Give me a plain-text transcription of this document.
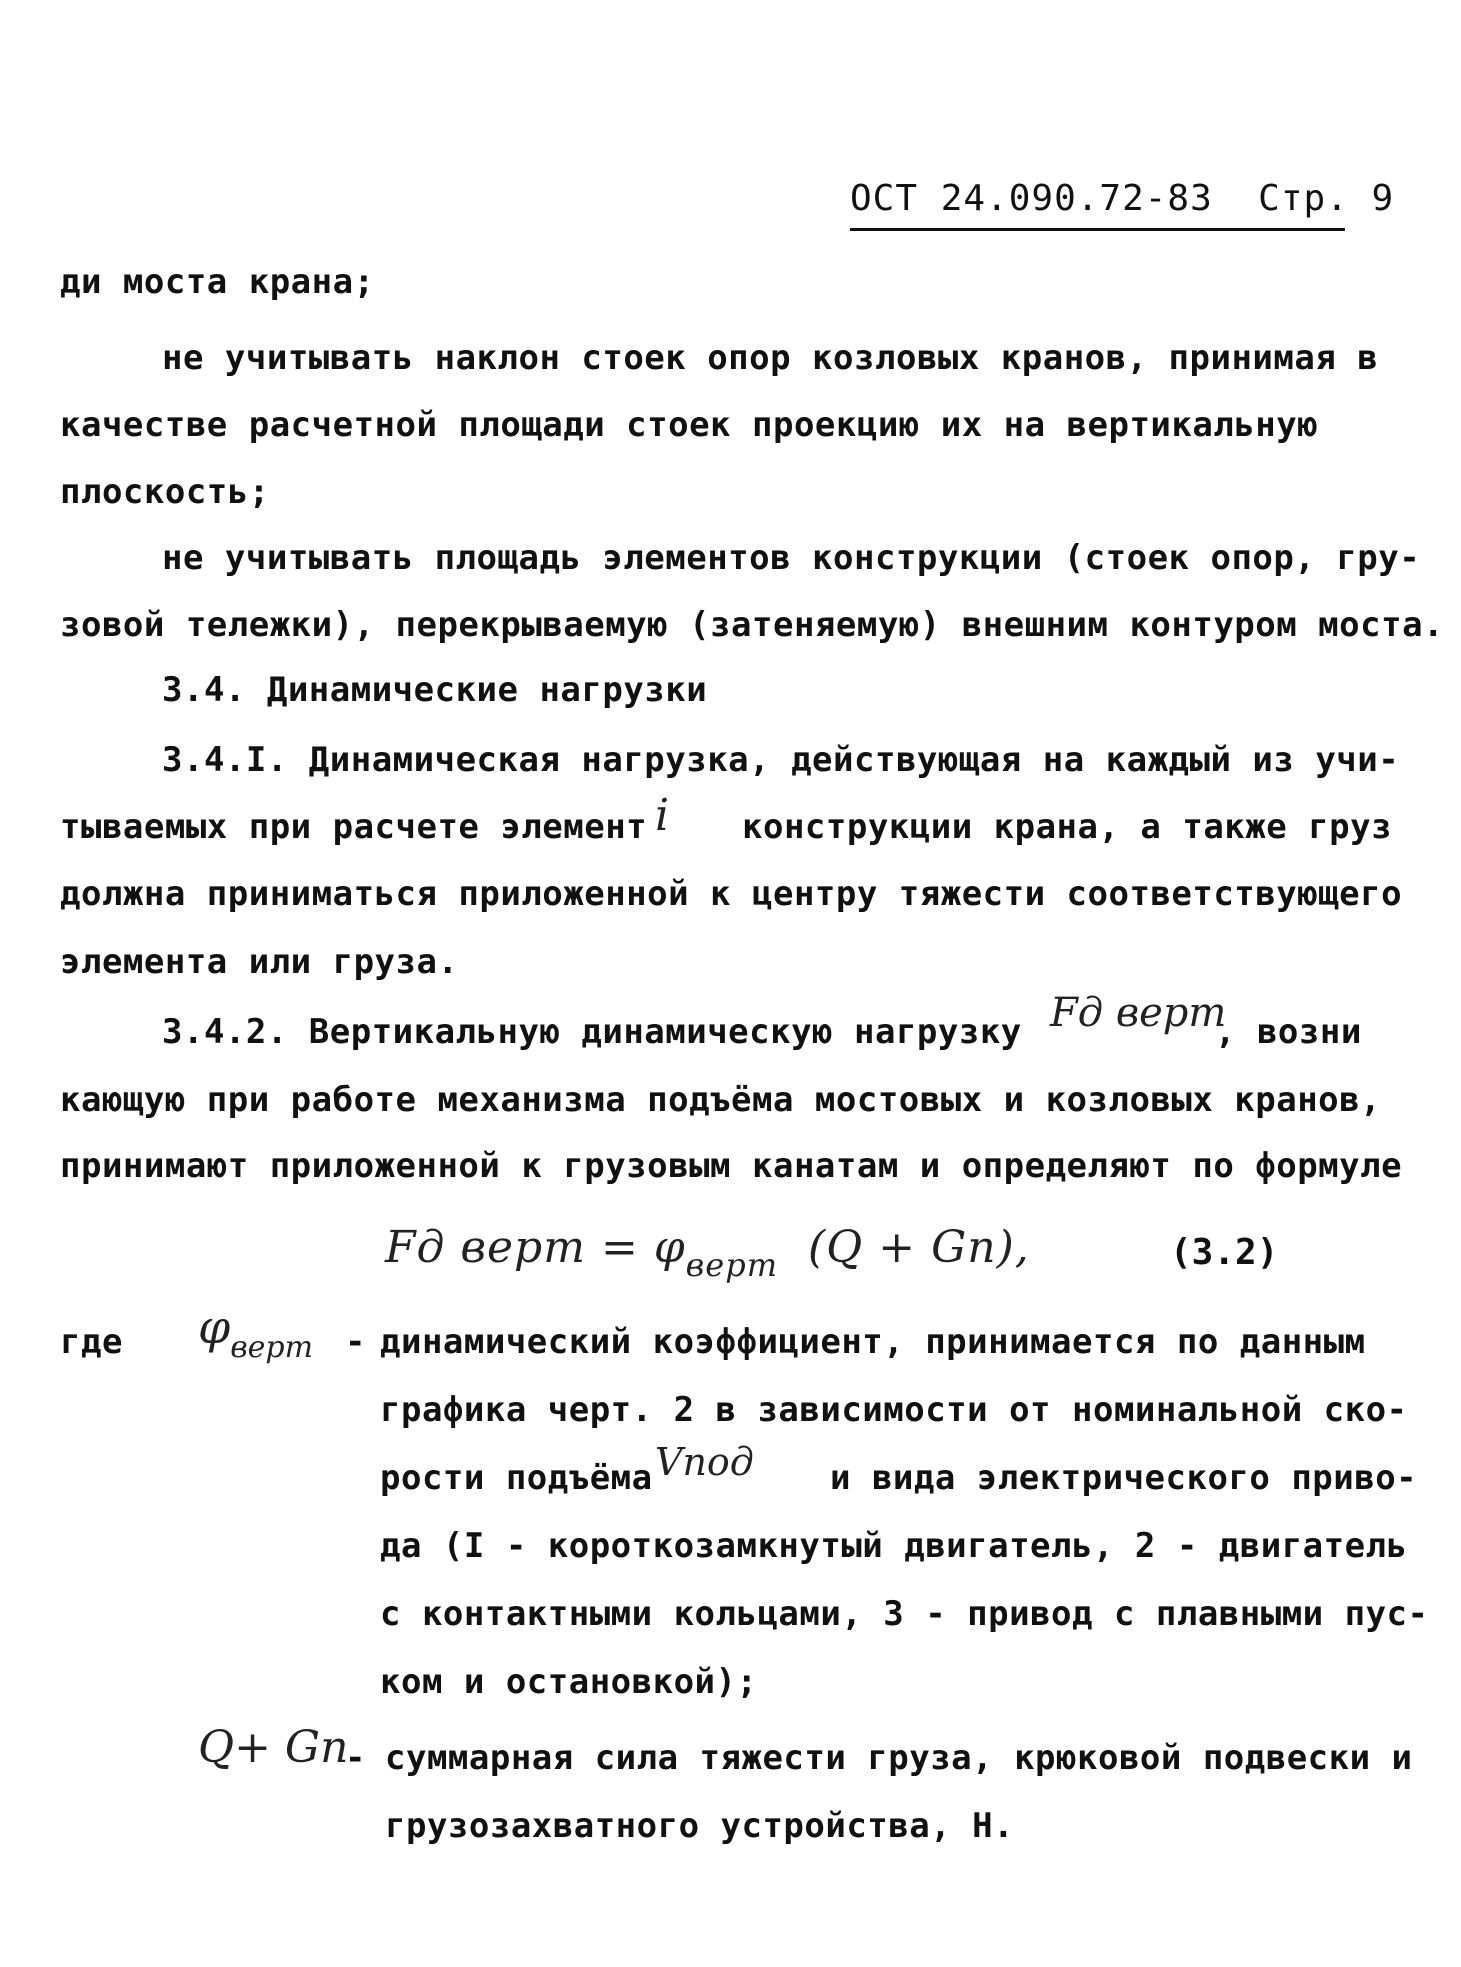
ОСТ 24.090.72-83 Стр. 9
ди моста крана;
не учитывать наклон стоек опор козловых кранов, принимая в
качестве расчетной площади стоек проекцию их на вертикальную
плоскость;
не учитывать площадь элементов конструкции (стоек опор, гру-
зовой тележки), перекрываемую (затеняемую) внешним контуром моста.
3.4. Динамические нагрузки
3.4.I. Динамическая нагрузка, действующая на каждый из учи-
тываемых при расчете элемент i конструкции крана, а также груз
должна приниматься приложенной к центру тяжести соответствующего
элемента или груза.
3.4.2. Вертикальную динамическую нагрузку Fд верт
, возни
кающую при работе механизма подъёма мостовых и козловых кранов,
принимают приложенной к грузовым канатам и определяют по формуле
Fд верт = $\varphi_{верт}$ (Q + Gп),	(3.2)
где $\varphi_{верт}$ - динамический коэффициент, принимается по данным
графика черт. 2 в зависимости от номинальной ско-
рости подъёма Vпод и вида электрического приво-
да (I - короткозамкнутый двигатель, 2 - двигатель
с контактными кольцами, 3 - привод с плавными пус-
ком и остановкой);
Q+ Gп
- суммарная сила тяжести груза, крюковой подвески и
грузозахватного устройства, Н.
